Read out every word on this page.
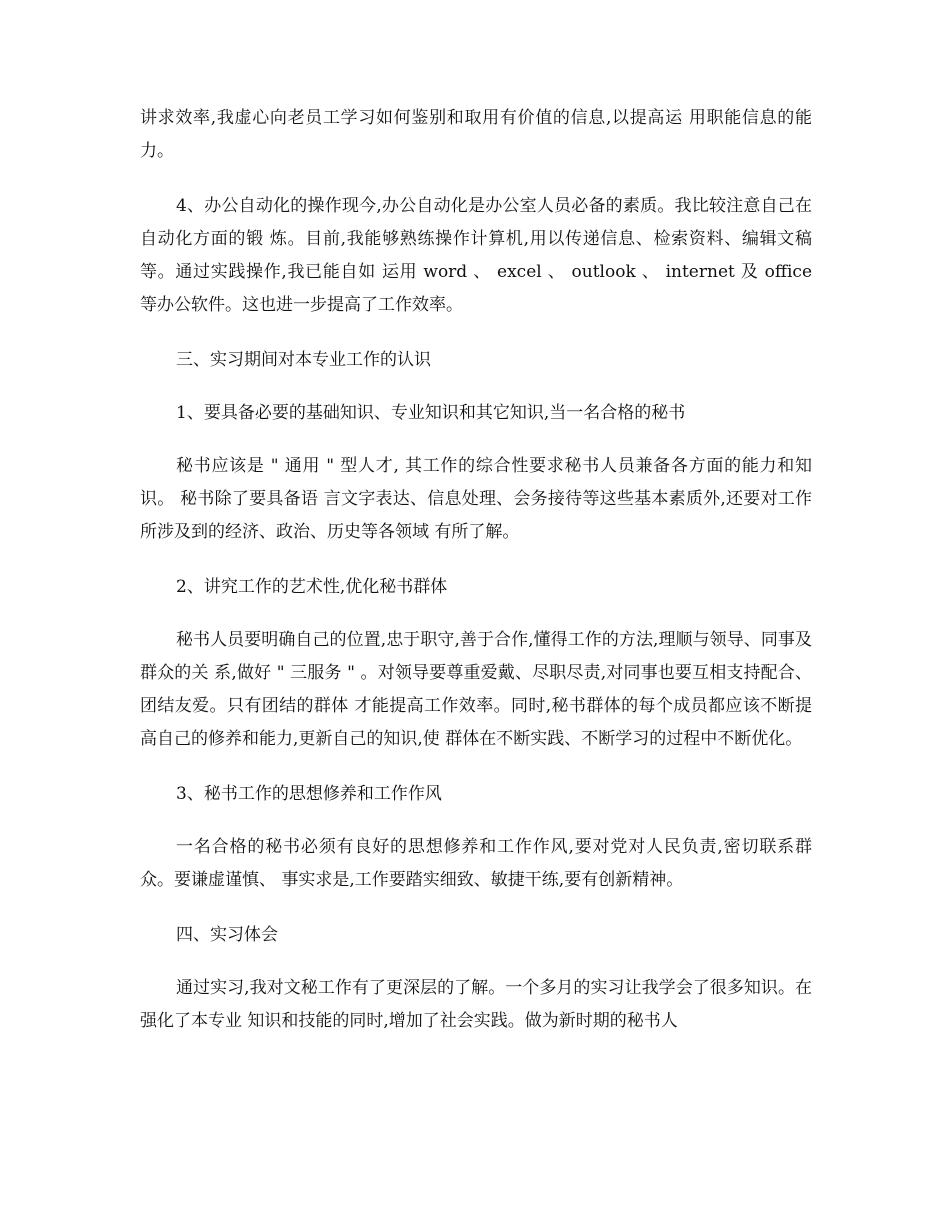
讲求效率,我虚心向老员工学习如何鉴别和取用有价值的信息,以提高运 用职能信息的能力。

4、办公自动化的操作现今,办公自动化是办公室人员必备的素质。我比较注意自己在自动化方面的锻 炼。目前,我能够熟练操作计算机,用以传递信息、检索资料、编辑文稿等。通过实践操作,我已能自如 运用 word 、 excel 、 outlook 、 internet 及 office 等办公软件。这也进一步提高了工作效率。

三、实习期间对本专业工作的认识

1、要具备必要的基础知识、专业知识和其它知识,当一名合格的秘书

秘书应该是 " 通用 " 型人才, 其工作的综合性要求秘书人员兼备各方面的能力和知识。 秘书除了要具备语 言文字表达、信息处理、会务接待等这些基本素质外,还要对工作所涉及到的经济、政治、历史等各领域 有所了解。

2、讲究工作的艺术性,优化秘书群体

秘书人员要明确自己的位置,忠于职守,善于合作,懂得工作的方法,理顺与领导、同事及群众的关 系,做好 " 三服务 " 。对领导要尊重爱戴、尽职尽责,对同事也要互相支持配合、团结友爱。只有团结的群体 才能提高工作效率。同时,秘书群体的每个成员都应该不断提高自己的修养和能力,更新自己的知识,使 群体在不断实践、不断学习的过程中不断优化。

3、秘书工作的思想修养和工作作风

一名合格的秘书必须有良好的思想修养和工作作风,要对党对人民负责,密切联系群众。要谦虚谨慎、 事实求是,工作要踏实细致、敏捷干练,要有创新精神。

四、实习体会

通过实习,我对文秘工作有了更深层的了解。一个多月的实习让我学会了很多知识。在强化了本专业 知识和技能的同时,增加了社会实践。做为新时期的秘书人
